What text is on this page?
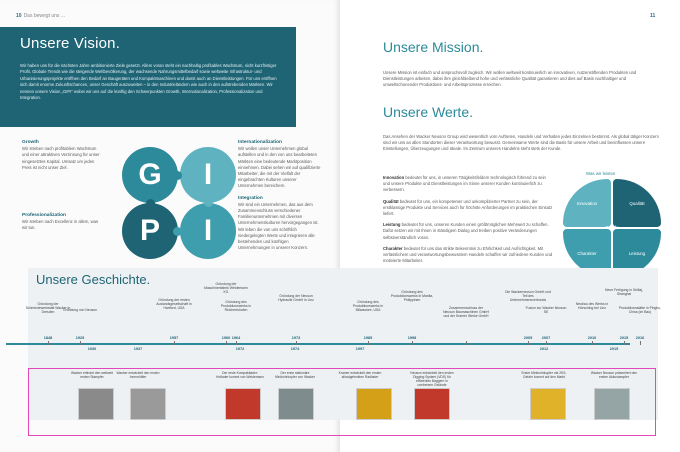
10 Das bewegt uns ...
Unsere Vision.

Wir haben uns für die nächsten Jahre ambitionierte Ziele gesetzt. Allem voran steht ein nachhaltig profitables Wachstum, nicht kurzfristiger Profit. Globale Trends wie die steigende Weltbevölkerung, der wachsende Nahrungsmittelbedarf sowie weltweite Infrastruktur- und Urbanisierungsprojekte eröffnen den Bedarf an Baugeräten und Kompaktmaschinen und damit auch an Dienstleistungen. Für uns eröffnen sich damit enorme Zukunftschancen, unser Geschäft auszuweiten – in den Industrieländern wie auch in den aufstrebenden Märkten. Wir nennen unsere Vision „GIPI“ wobei wir uns auf die künftig den Schwerpunkten Growth, Internationalization, Professionalization und Integration.

Growth
Wir streben nach profitablem Wachstum und einer attraktiven Verzinsung für unser eingesetztes Kapital. Umsatz um jeden Preis ist nicht unser Ziel.

Professionalization
Wir streben nach Excellenz in allem, was wir tun.

G I
P I

Internationalization
Wir wollen unser Unternehmen global aufstellen und in den von uns bearbeiteten Märkten eine bedeutende Marktposition einnehmen. Dabei sehen wir auf qualifizierte Mitarbeiter, die mit der Vielfalt der eingebrachten Kulturen unserer Unternehmen bereichern.

Integration
Wir sind ein Unternehmen, das aus dem Zusammenschluss verschiedener Familienunternehmen mit diversen Unternehmenskulturen hervorgegangen ist. Wir leben die von uns schriftlich niedergelegten Werte und integrieren alle bestehenden und künftigen Unternehmungen in unserer Konzern.

11
Unsere Mission.
Unsere Mission ist einfach und anspruchsvoll zugleich. Wir wollen weltweit kontinuierlich an innovativen, nutzenstiftenden Produkten und Dienstleistungen arbeiten, dabei ihre gleichbleibend hohe und verlässliche Qualität garantieren und dies auf Basis nachhaltiger und umweltschonender Produktions- und Arbeitsprozesse erreichen.
Unsere Werte.
Das Ansehen der Wacker Neuson Group wird wesentlich vom Auftreten, Handeln und Verhalten jedes Einzelnen bestimmt. Als global tätiger Konzern sind wir uns an allen Standorten dieser Verantwortung bewusst. Gemeinsame Werte sind die Basis für unsere Arbeit und beeinflussen unsere Einstellungen, Überzeugungen und Ideale. Im Zentrum unseres Handelns steht stets der Kunde.

Innovation bedeutet für uns, in unseren Tätigkeitsfeldern technologisch führend zu sein und unsere Produkte und Dienstleistungen im Sinne unserer Kunden kontinuierlich zu verbessern.

Qualität bedeutet für uns, ein kompetenter und unkomplizierter Partner zu sein, der erstklassige Produkte und Services auch für höchste Anforderungen im praktischen Einsatz liefert.

Leistung bedeutet für uns, unseren Kunden einen größtmöglichen Mehrwert zu schaffen. Dafür setzen wir mit Ihnen in ständigem Dialog und treiben positive Veränderungen selbstverständlich voran.

Charakter bedeutet für uns das strikte Bekenntnis zu Ehrlichkeit und Aufrichtigkeit. Mit verlässlichem und verantwortungsbewusstem Handeln schaffen wir zufriedene Kunden und motivierte Mitarbeiter.

Was wir leisten
Innovation	Qualität
Charakter	Leistung
Kunde
Unsere Geschichte.
Gründung der Schmiedewerkstatt Wacker in Dresden
1848
Gründung von Neuson
1925
Gründung der ersten Auslandsgesellschaft in Hartford, USA
1957
Gründung der Maschinenfabrik Weidemann KG
1960
Gründung des Produktionswerks in Reichertshofen
1964
Gründung der Neuson Hydraulik GmbH in Linz
1973
Gründung des Produktionswerks in Milwaukee, USA
1985
Gründung des Produktionswerks in Manila, Philippinen
1998
Zusammenschluss der Neuson Baumaschinen GmbH und der Kramer Werke GmbH
Die Wackerneuson GmbH und Teil des Unternehmensverbunds
2005
Fusion zur Wacker Neuson SE
2007
Neubau des Werks in Hörsching bei Linz
2010
Neue Fertigung in Selliaj, Shanghai
2015
Produktionsstätte in Pinghu, China (im Bau)
2016
1930
Wacker erfindet den weltweit ersten Stampfer
1937
Wacker entwickelt den ersten Innenrüttler
1972
Der erste Kompaktlader: Hoflader kommt von Weidemann
1974
Der erste stationäre Minibohrkopfer von Wacker
1997
Kramer entwickelt den ersten allradgelenkten Radlader
Neuson entwickelt den ersten Digging System (VDS) für effizientes Baggern in unebenem Gelände
2012
Erster Minibohrkopfer mit 2KS-Gefahr kommt auf den Markt
2015
Wacker Neuson präsentiert den ersten Akkustampfer
